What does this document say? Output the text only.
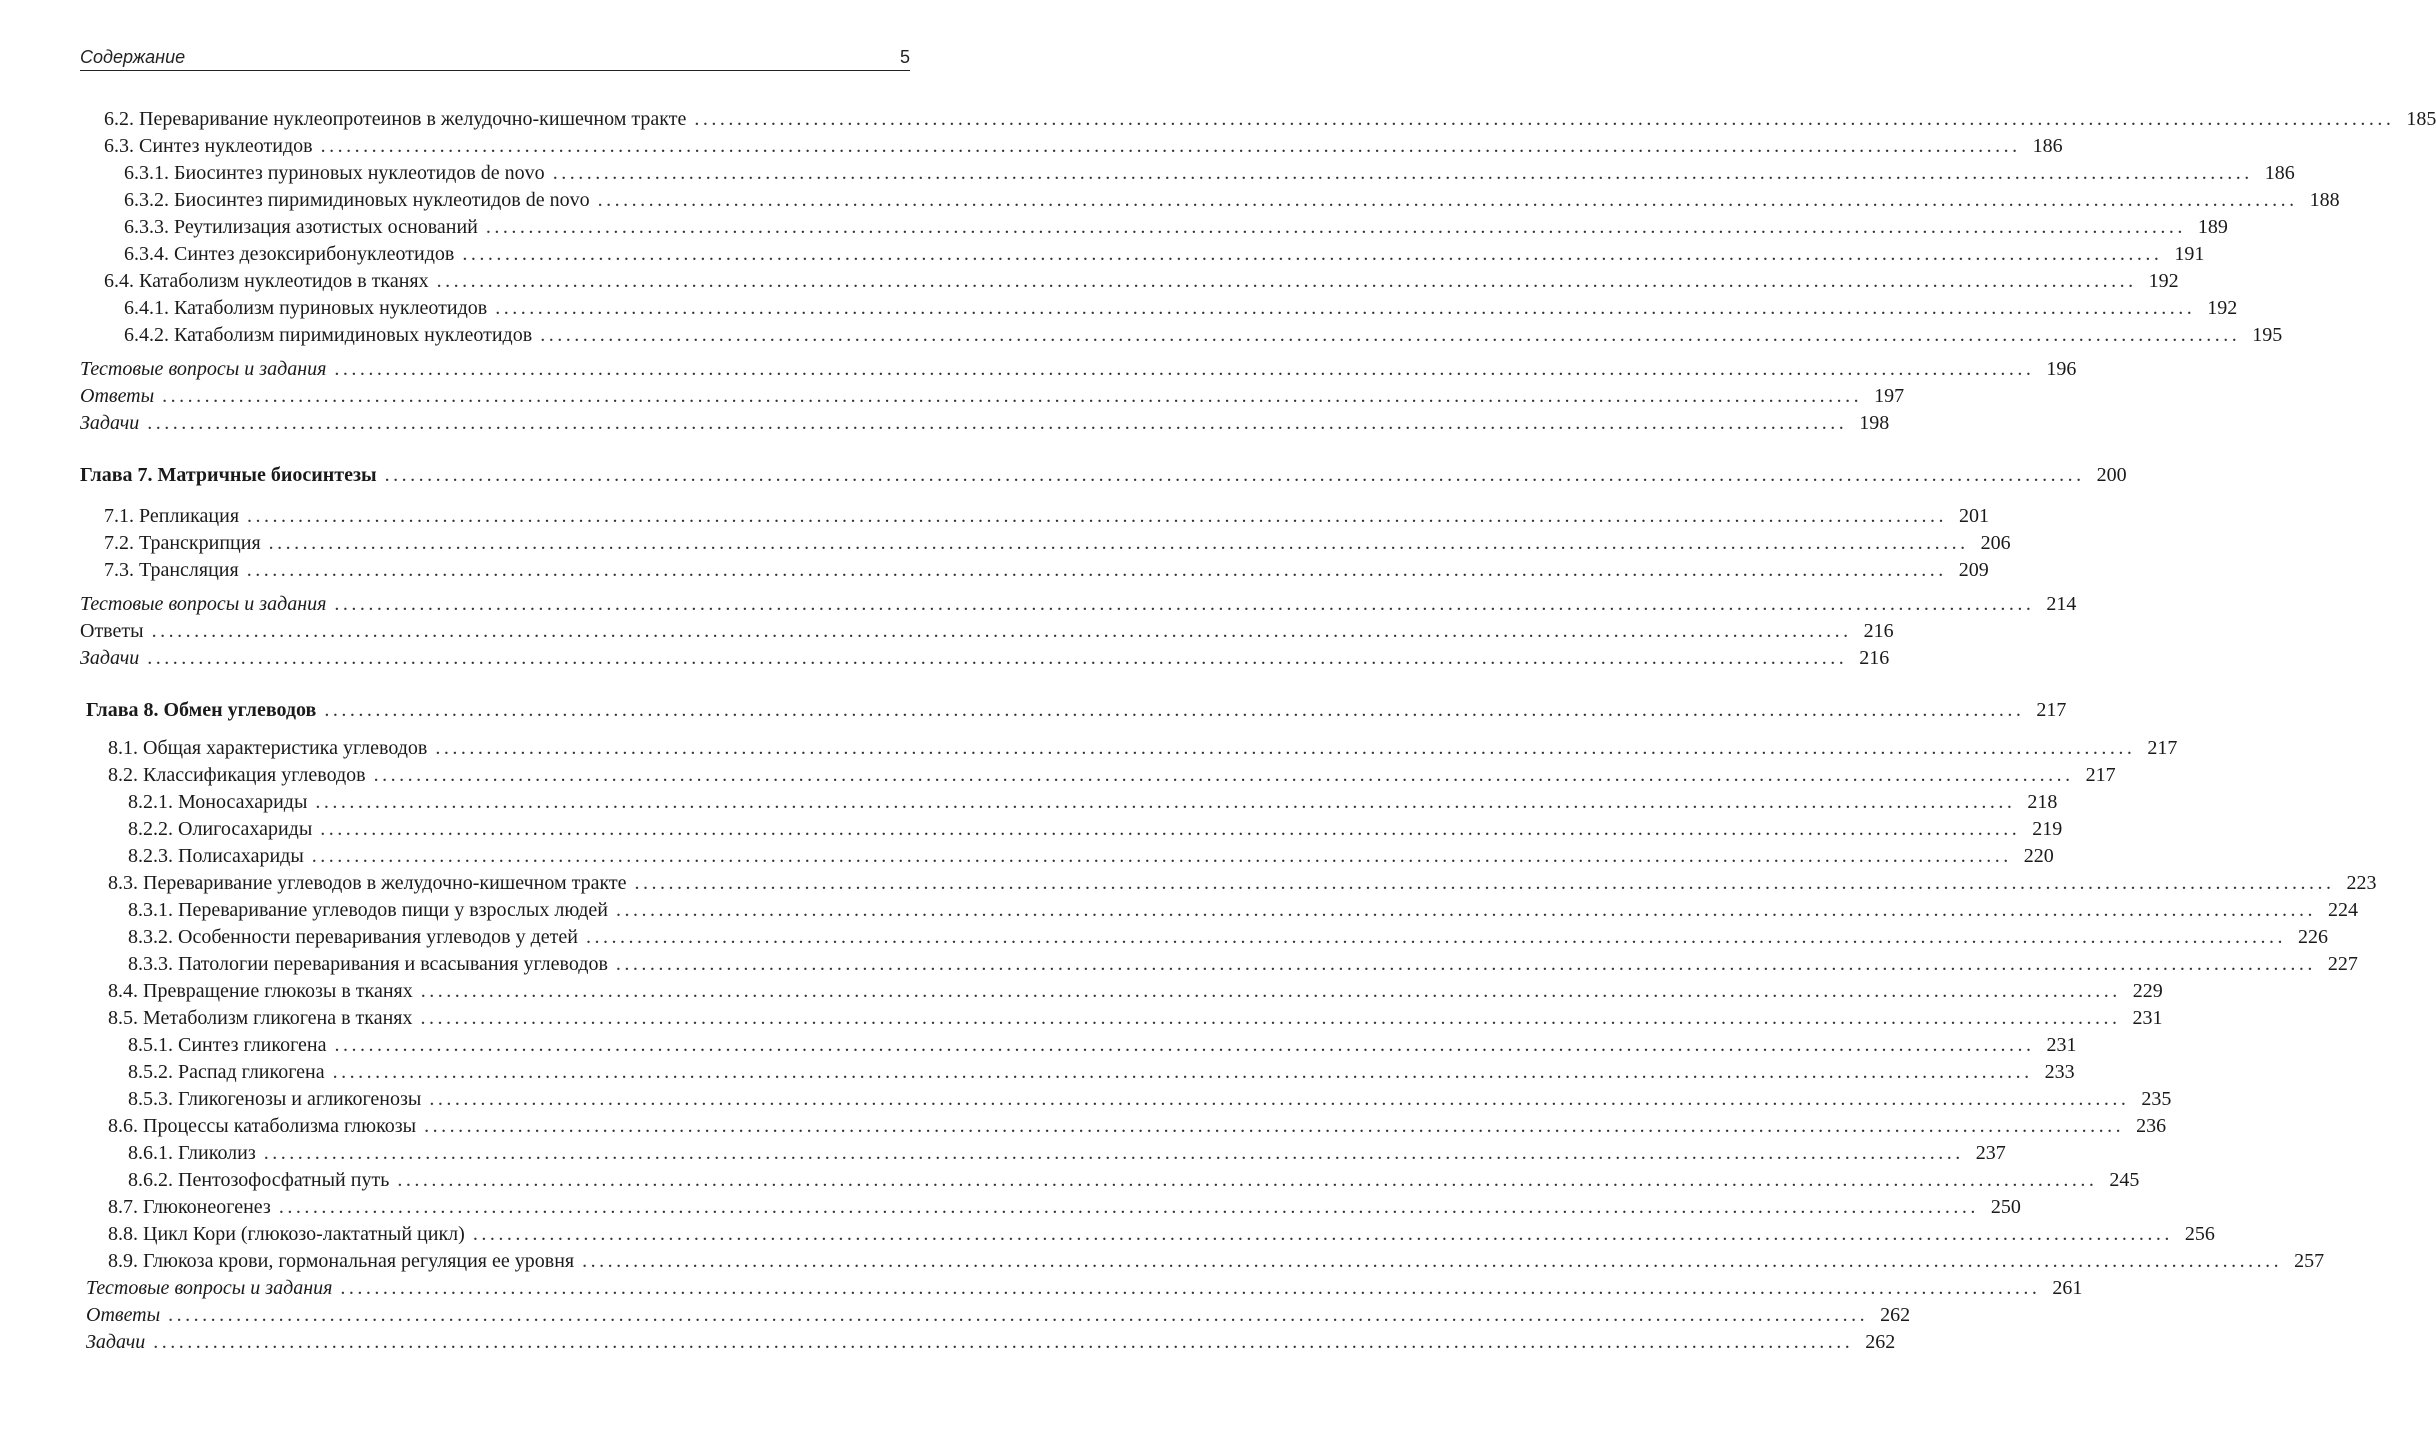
Содержание	5
6.2. Переваривание нуклеопротеинов в желудочно-кишечном тракте ........................................................................................................................................................................................................ 185
6.3. Синтез нуклеотидов ........................................................................................................................................................................................................ 186
6.3.1. Биосинтез пуриновых нуклеотидов de novo ........................................................................................................................................................................................................ 186
6.3.2. Биосинтез пиримидиновых нуклеотидов de novo ........................................................................................................................................................................................................ 188
6.3.3. Реутилизация азотистых оснований ........................................................................................................................................................................................................ 189
6.3.4. Синтез дезоксирибонуклеотидов ........................................................................................................................................................................................................ 191
6.4. Катаболизм нуклеотидов в тканях ........................................................................................................................................................................................................ 192
6.4.1. Катаболизм пуриновых нуклеотидов ........................................................................................................................................................................................................ 192
6.4.2. Катаболизм пиримидиновых нуклеотидов ........................................................................................................................................................................................................ 195
Тестовые вопросы и задания ........................................................................................................................................................................................................ 196
Ответы ........................................................................................................................................................................................................ 197
Задачи ........................................................................................................................................................................................................ 198
Глава 7. Матричные биосинтезы ........................................................................................................................................................................................................ 200
7.1. Репликация ........................................................................................................................................................................................................ 201
7.2. Транскрипция ........................................................................................................................................................................................................ 206
7.3. Трансляция ........................................................................................................................................................................................................ 209
Тестовые вопросы и задания ........................................................................................................................................................................................................ 214
Ответы ........................................................................................................................................................................................................ 216
Задачи ........................................................................................................................................................................................................ 216
Глава 8. Обмен углеводов ........................................................................................................................................................................................................ 217
8.1. Общая характеристика углеводов ........................................................................................................................................................................................................ 217
8.2. Классификация углеводов ........................................................................................................................................................................................................ 217
8.2.1. Моносахариды ........................................................................................................................................................................................................ 218
8.2.2. Олигосахариды ........................................................................................................................................................................................................ 219
8.2.3. Полисахариды ........................................................................................................................................................................................................ 220
8.3. Переваривание углеводов в желудочно-кишечном тракте ........................................................................................................................................................................................................ 223
8.3.1. Переваривание углеводов пищи у взрослых людей ........................................................................................................................................................................................................ 224
8.3.2. Особенности переваривания углеводов у детей ........................................................................................................................................................................................................ 226
8.3.3. Патологии переваривания и всасывания углеводов ........................................................................................................................................................................................................ 227
8.4. Превращение глюкозы в тканях ........................................................................................................................................................................................................ 229
8.5. Метаболизм гликогена в тканях ........................................................................................................................................................................................................ 231
8.5.1. Синтез гликогена ........................................................................................................................................................................................................ 231
8.5.2. Распад гликогена ........................................................................................................................................................................................................ 233
8.5.3. Гликогенозы и агликогенозы ........................................................................................................................................................................................................ 235
8.6. Процессы катаболизма глюкозы ........................................................................................................................................................................................................ 236
8.6.1. Гликолиз ........................................................................................................................................................................................................ 237
8.6.2. Пентозофосфатный путь ........................................................................................................................................................................................................ 245
8.7. Глюконеогенез ........................................................................................................................................................................................................ 250
8.8. Цикл Кори (глюкозо-лактатный цикл) ........................................................................................................................................................................................................ 256
8.9. Глюкоза крови, гормональная регуляция ее уровня ........................................................................................................................................................................................................ 257
Тестовые вопросы и задания ........................................................................................................................................................................................................ 261
Ответы ........................................................................................................................................................................................................ 262
Задачи ........................................................................................................................................................................................................ 262
